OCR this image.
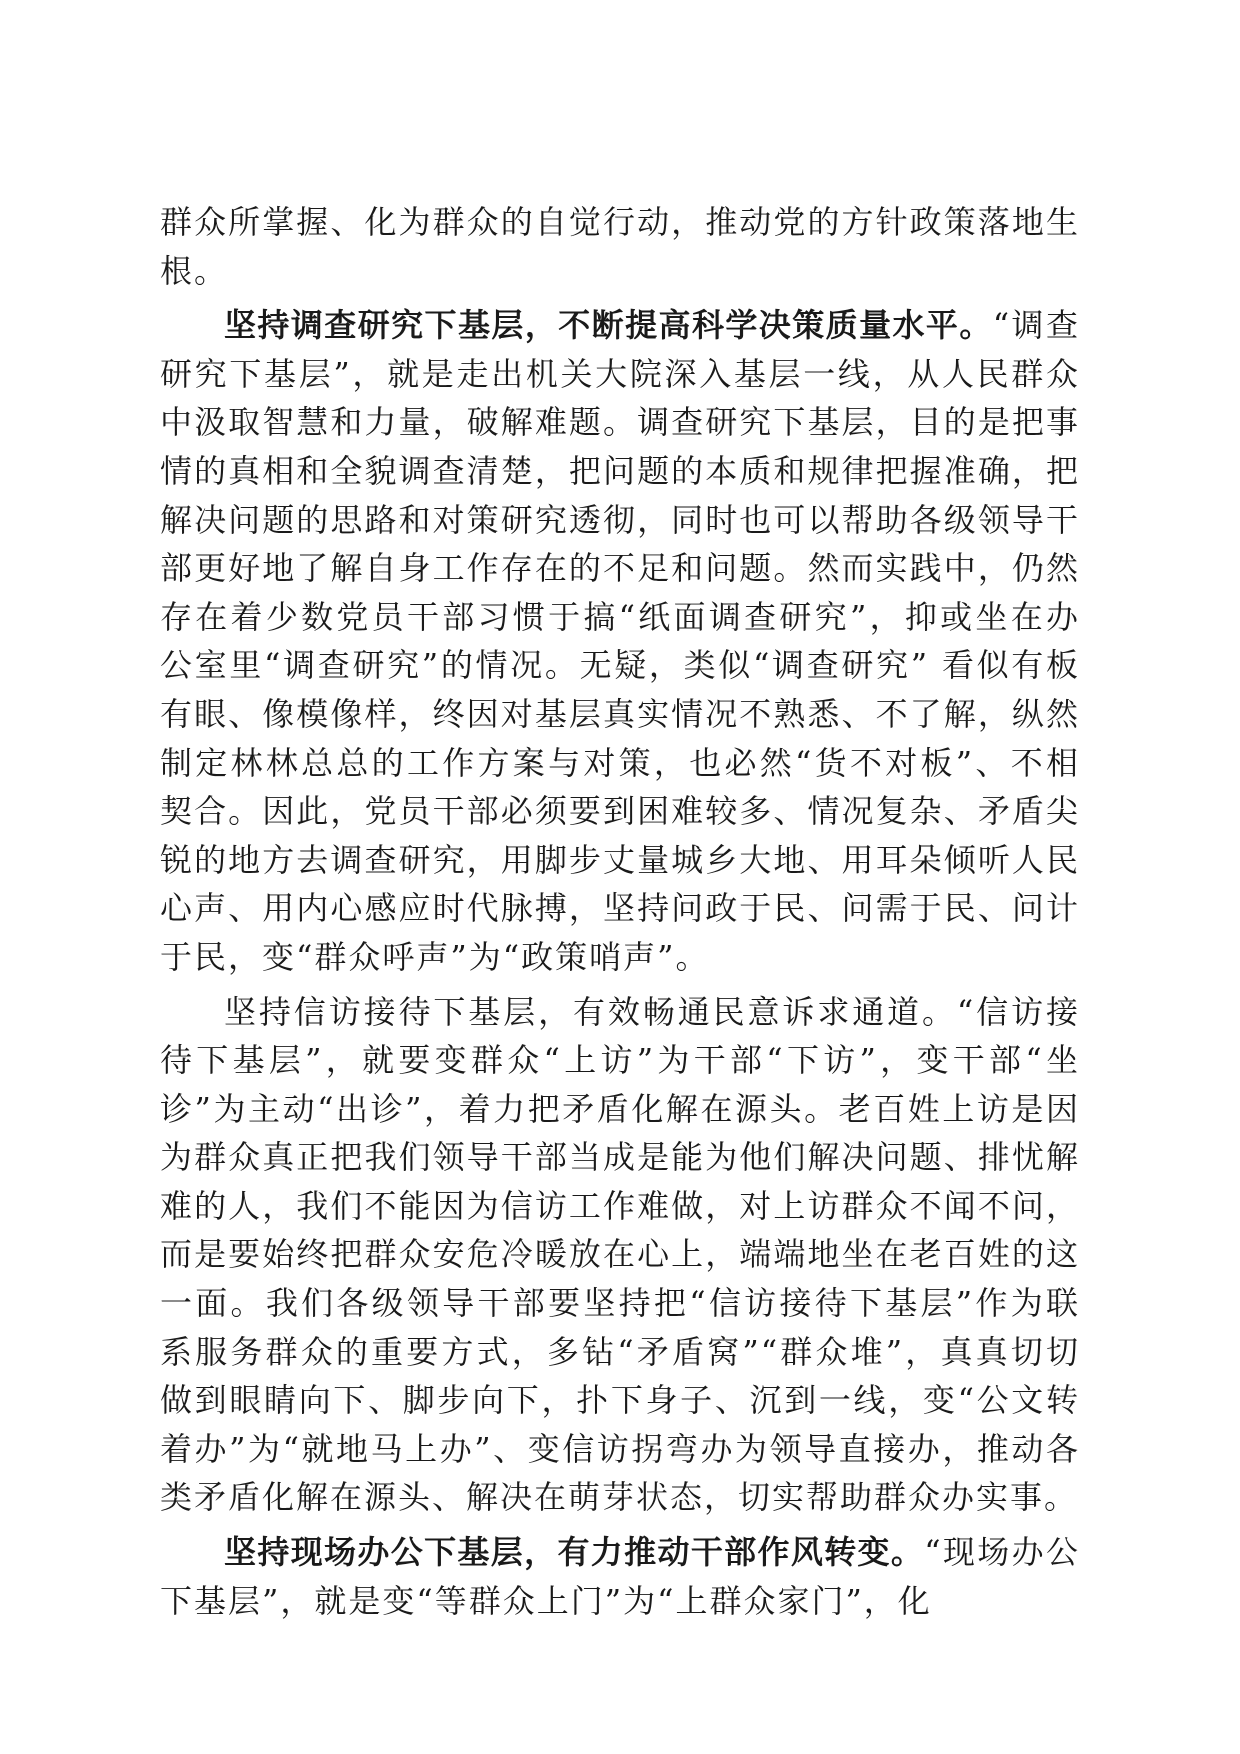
群众所掌握、化为群众的自觉行动，推动党的方针政策落地生根。

坚持调查研究下基层，不断提高科学决策质量水平。“调查研究下基层”，就是走出机关大院深入基层一线，从人民群众中汲取智慧和力量，破解难题。调查研究下基层，目的是把事情的真相和全貌调查清楚，把问题的本质和规律把握准确，把解决问题的思路和对策研究透彻，同时也可以帮助各级领导干部更好地了解自身工作存在的不足和问题。然而实践中，仍然存在着少数党员干部习惯于搞“纸面调查研究”，抑或坐在办公室里“调查研究”的情况。无疑，类似“调查研究” 看似有板有眼、像模像样，终因对基层真实情况不熟悉、不了解，纵然制定林林总总的工作方案与对策，也必然“货不对板”、不相契合。因此，党员干部必须要到困难较多、情况复杂、矛盾尖锐的地方去调查研究，用脚步丈量城乡大地、用耳朵倾听人民心声、用内心感应时代脉搏，坚持问政于民、问需于民、问计于民，变“群众呼声”为“政策哨声”。

坚持信访接待下基层，有效畅通民意诉求通道。“信访接待下基层”，就要变群众“上访”为干部“下访”，变干部“坐诊”为主动“出诊”，着力把矛盾化解在源头。老百姓上访是因为群众真正把我们领导干部当成是能为他们解决问题、排忧解难的人，我们不能因为信访工作难做，对上访群众不闻不问，而是要始终把群众安危冷暖放在心上，端端地坐在老百姓的这一面。我们各级领导干部要坚持把“信访接待下基层”作为联系服务群众的重要方式，多钻“矛盾窝”“群众堆”，真真切切做到眼睛向下、脚步向下，扑下身子、沉到一线，变“公文转着办”为“就地马上办”、变信访拐弯办为领导直接办，推动各类矛盾化解在源头、解决在萌芽状态，切实帮助群众办实事。

坚持现场办公下基层，有力推动干部作风转变。“现场办公下基层”，就是变“等群众上门”为“上群众家门”，化
